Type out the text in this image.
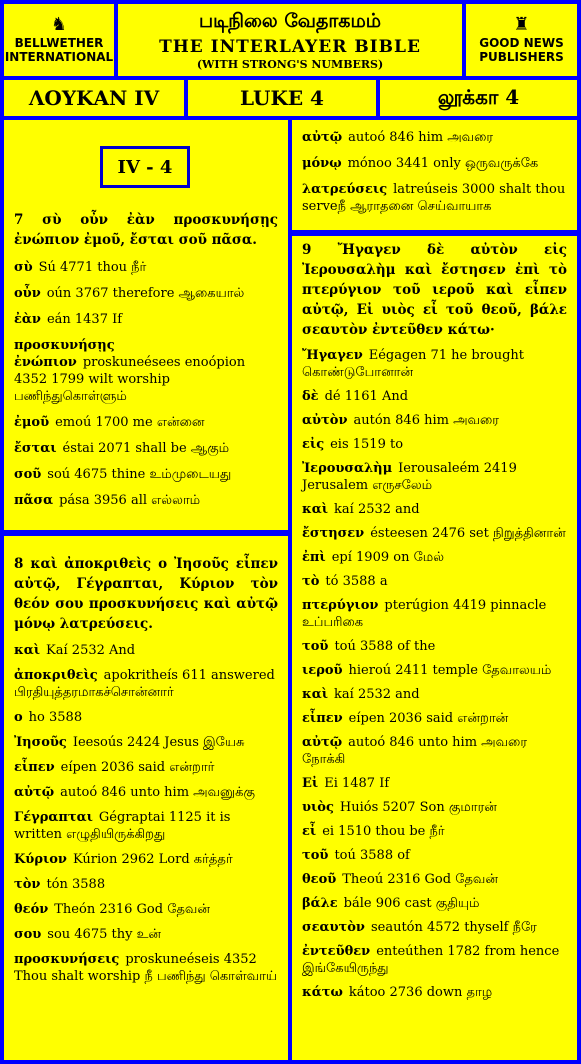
♞
BELLWETHER INTERNATIONAL
படிநிலை வேதாகமம்
THE INTERLAYER BIBLE
(WITH STRONG'S NUMBERS)
♜
GOOD NEWS PUBLISHERS
ΛΟΥΚΑΝ IV	LUKE 4	லூக்கா 4
IV - 4
7 σὺ οὖν ἐὰν προσκυνήσῃς ἐνώπιον ἐμοῦ, ἔσται σοῦ πᾶσα.
σὺ Sú 4771 thou நீர்
οὖν oún 3767 therefore ஆகையால்
ἐὰν eán 1437 If
προσκυνήσῃς ἐνώπιον proskuneésees enoópion 4352 1799 wilt worship பணிந்துகொள்ளும்
ἐμοῦ emoú 1700 me என்னை
ἔσται éstai 2071 shall be ஆகும்
σοῦ soú 4675 thine உம்முடையது
πᾶσα pása 3956 all எல்லாம்
8 καὶ ἀποκριθεὶς ο Ἰησοῦς εἶπεν αὐτῷ, Γέγραπται, Κύριον τὸν θεόν σου προσκυνήσεις καὶ αὐτῷ μόνῳ λατρεύσεις.
καὶ Kaí 2532 And
ἀποκριθεὶς apokritheís 611 answered பிரதியுத்தரமாகச்சொன்னார்
ο ho 3588
Ἰησοῦς Ieesoús 2424 Jesus இயேசு
εἶπεν eípen 2036 said என்றார்
αὐτῷ autoó 846 unto him அவனுக்கு
Γέγραπται Gégraptai 1125 it is written எழுதியிருக்கிறது
Κύριον Kúrion 2962 Lord கர்த்தர்
τὸν tón 3588
θεόν Theón 2316 God தேவன்
σου sou 4675 thy உன்
προσκυνήσεις proskuneéseis 4352 Thou shalt worship நீ பணிந்து கொள்வாய்
αὐτῷ autoó 846 him அவரை
μόνῳ mónoo 3441 only ஒருவருக்கே
λατρεύσεις latreúseis 3000 shalt thou serveநீ ஆராதனை செய்வாயாக
9 Ἤγαγεν δὲ αὐτὸν εἰς Ἰερουσαλὴμ καὶ ἔστησεν ἐπὶ τὸ πτερύγιον τοῦ ιεροῦ καὶ εἶπεν αὐτῷ, Εἰ υιὸς εἶ τοῦ θεοῦ, βάλε σεαυτὸν ἐντεῦθεν κάτω·
Ἤγαγεν Eégagen 71 he brought கொண்டுபோனான்
δὲ dé 1161 And
αὐτὸν autón 846 him அவரை
εἰς eis 1519 to
Ἰερουσαλὴμ Ierousaleém 2419 Jerusalem எருசலேம்
καὶ kaí 2532 and
ἔστησεν ésteesen 2476 set நிறுத்தினான்
ἐπὶ epí 1909 on மேல்
τὸ tó 3588 a
πτερύγιον pterúgion 4419 pinnacle உப்பரிகை
τοῦ toú 3588 of the
ιεροῦ hieroú 2411 temple தேவாலயம்
καὶ kaí 2532 and
εἶπεν eípen 2036 said என்றான்
αὐτῷ autoó 846 unto him அவரை நோக்கி
Εἰ Ei 1487 If
υιὸς Huiós 5207 Son குமாரன்
εἶ ei 1510 thou be நீர்
τοῦ toú 3588 of
θεοῦ Theoú 2316 God தேவன்
βάλε bále 906 cast குதியும்
σεαυτὸν seautón 4572 thyself நீரே
ἐντεῦθεν enteúthen 1782 from hence இங்கேயிருந்து
κάτω kátoo 2736 down தாழ
